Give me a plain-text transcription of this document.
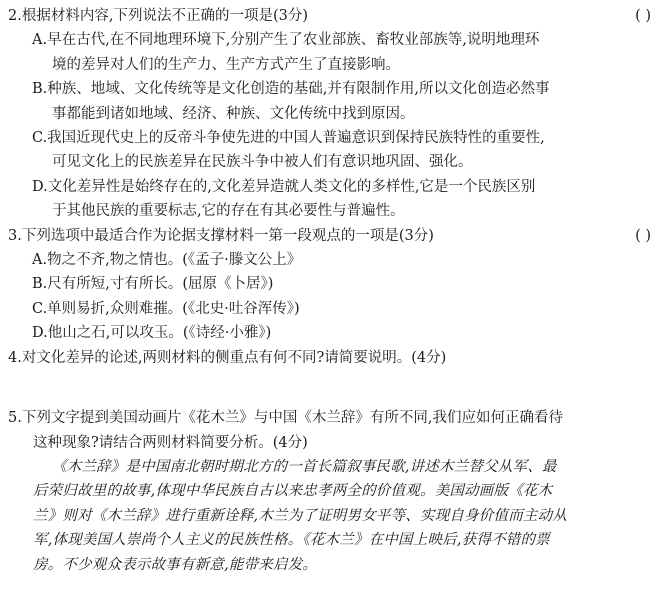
2.根据材料内容,下列说法不正确的一项是(3分)	( )
A.早在古代,在不同地理环境下,分别产生了农业部族、畜牧业部族等,说明地理环
境的差异对人们的生产力、生产方式产生了直接影响。
B.种族、地域、文化传统等是文化创造的基础,并有限制作用,所以文化创造必然事
事都能到诸如地域、经济、种族、文化传统中找到原因。
C.我国近现代史上的反帝斗争使先进的中国人普遍意识到保持民族特性的重要性,
可见文化上的民族差异在民族斗争中被人们有意识地巩固、强化。
D.文化差异性是始终存在的,文化差异造就人类文化的多样性,它是一个民族区别
于其他民族的重要标志,它的存在有其必要性与普遍性。
3.下列选项中最适合作为论据支撑材料一第一段观点的一项是(3分)	( )
A.物之不齐,物之情也。(《孟子·滕文公上》
B.尺有所短,寸有所长。(屈原《卜居》)
C.单则易折,众则难摧。(《北史·吐谷浑传》)
D.他山之石,可以攻玉。(《诗经·小雅》)
4.对文化差异的论述,两则材料的侧重点有何不同?请简要说明。(4分)
5.下列文字提到美国动画片《花木兰》与中国《木兰辞》有所不同,我们应如何正确看待
这种现象?请结合两则材料简要分析。(4分)
《木兰辞》是中国南北朝时期北方的一首长篇叙事民歌,讲述木兰替父从军、最
后荣归故里的故事,体现中华民族自古以来忠孝两全的价值观。美国动画版《花木
兰》则对《木兰辞》进行重新诠释,木兰为了证明男女平等、实现自身价值而主动从
军,体现美国人崇尚个人主义的民族性格。《花木兰》在中国上映后,获得不错的票
房。不少观众表示故事有新意,能带来启发。
